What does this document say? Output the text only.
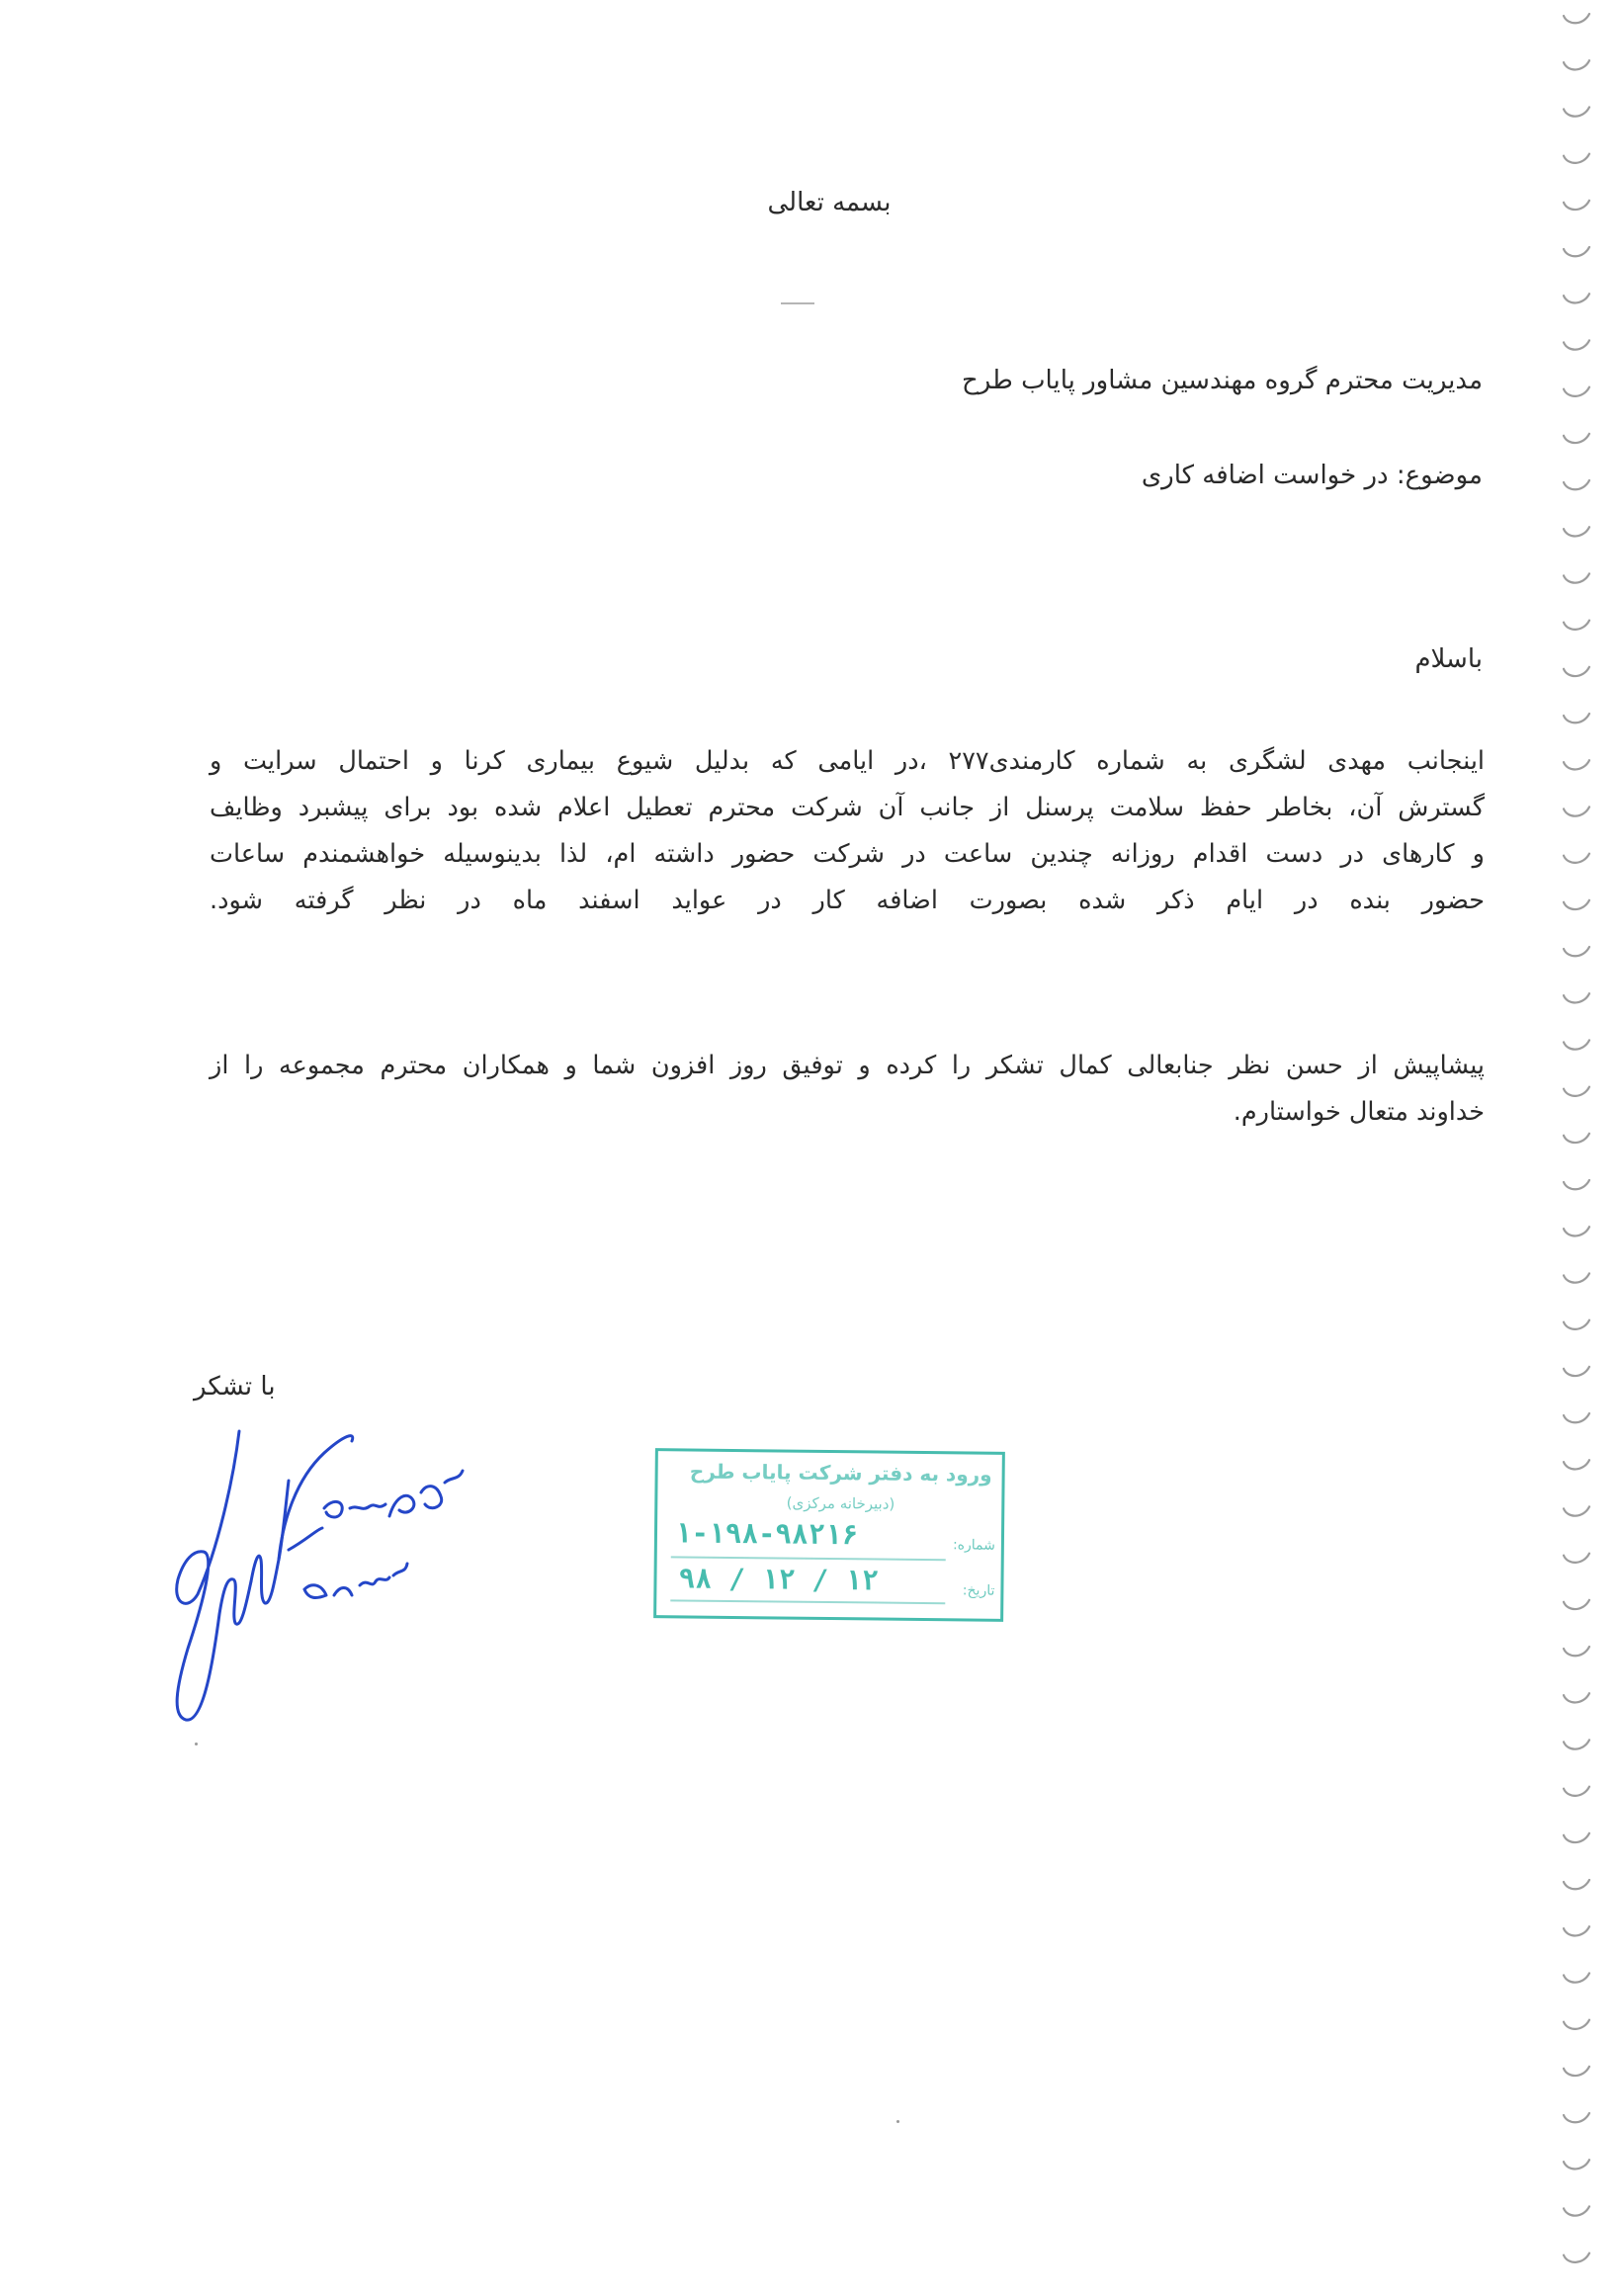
بسمه تعالی
مدیریت محترم گروه مهندسین مشاور پایاب طرح
موضوع: در خواست اضافه کاری
باسلام
اینجانب مهدی لشگری به شماره کارمندی۲۷۷ ،در ایامی که بدلیل شیوع بیماری کرنا و احتمال سرایت و
گسترش آن، بخاطر حفظ سلامت پرسنل از جانب آن شرکت محترم تعطیل اعلام شده بود برای پیشبرد وظایف
و کارهای در دست اقدام روزانه چندین ساعت در شرکت حضور داشته ام، لذا بدینوسیله خواهشمندم ساعات
حضور بنده در ایام ذکر شده بصورت اضافه کار در عواید اسفند ماه در نظر گرفته شود.
پیشاپیش از حسن نظر جنابعالی کمال تشکر را کرده و توفیق روز افزون شما و همکاران محترم مجموعه را از
خداوند متعال خواستارم.
با تشکر
ورود به دفتر شرکت پایاب طرح
(دبیرخانه مرکزی)
شماره:
۱-۱۹۸-۹۸۲۱۶
تاریخ:
۹۸ / ۱۲ / ۱۲
